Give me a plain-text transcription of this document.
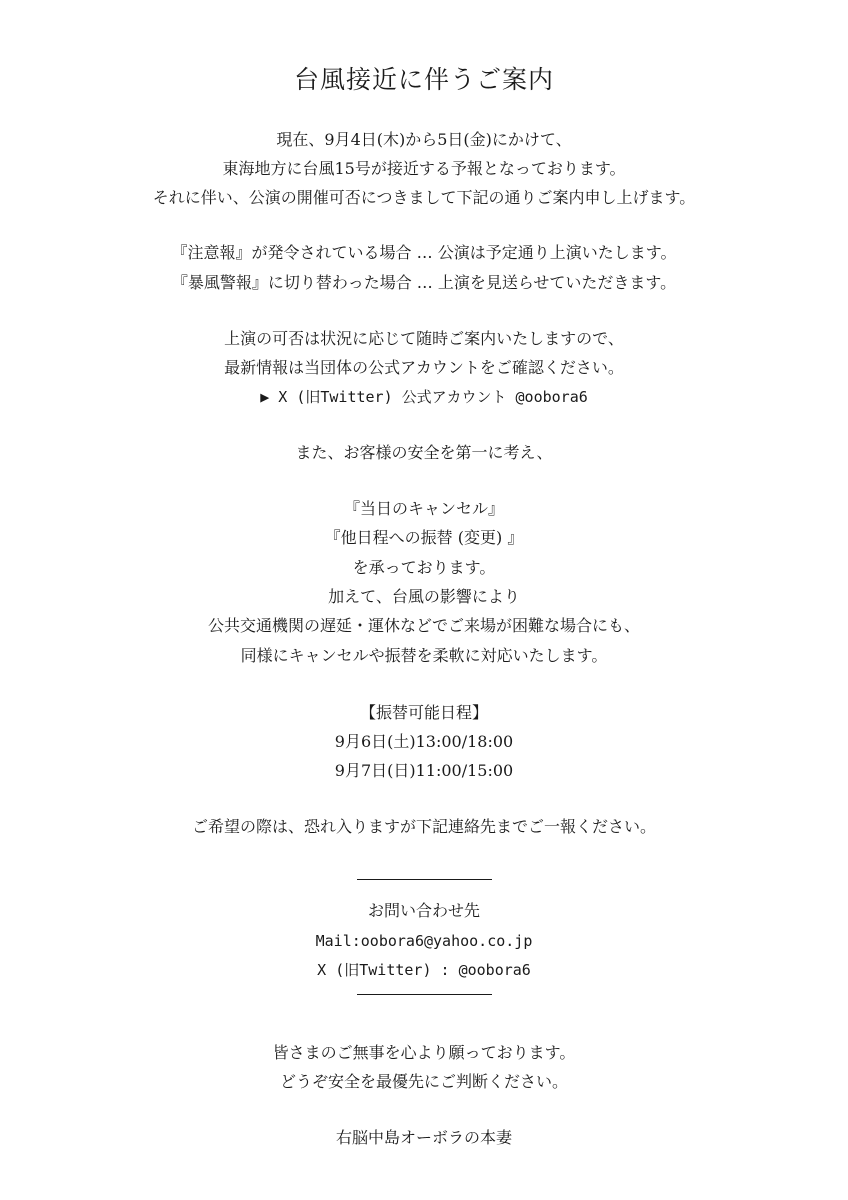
台風接近に伴うご案内
現在、9月4日(木)から5日(金)にかけて、
東海地方に台風15号が接近する予報となっております。
それに伴い、公演の開催可否につきまして下記の通りご案内申し上げます。
『注意報』が発令されている場合 … 公演は予定通り上演いたします。
『暴風警報』に切り替わった場合 … 上演を見送らせていただきます。
上演の可否は状況に応じて随時ご案内いたしますので、
最新情報は当団体の公式アカウントをご確認ください。
▶ X (旧Twitter) 公式アカウント @oobora6
また、お客様の安全を第一に考え、
『当日のキャンセル』
『他日程への振替 (変更) 』
を承っております。
加えて、台風の影響により
公共交通機関の遅延・運休などでご来場が困難な場合にも、
同様にキャンセルや振替を柔軟に対応いたします。
【振替可能日程】
9月6日(土)13:00/18:00
9月7日(日)11:00/15:00
ご希望の際は、恐れ入りますが下記連絡先までご一報ください。
お問い合わせ先
Mail:oobora6@yahoo.co.jp
X (旧Twitter) : @oobora6
皆さまのご無事を心より願っております。
どうぞ安全を最優先にご判断ください。
右脳中島オーボラの本妻
